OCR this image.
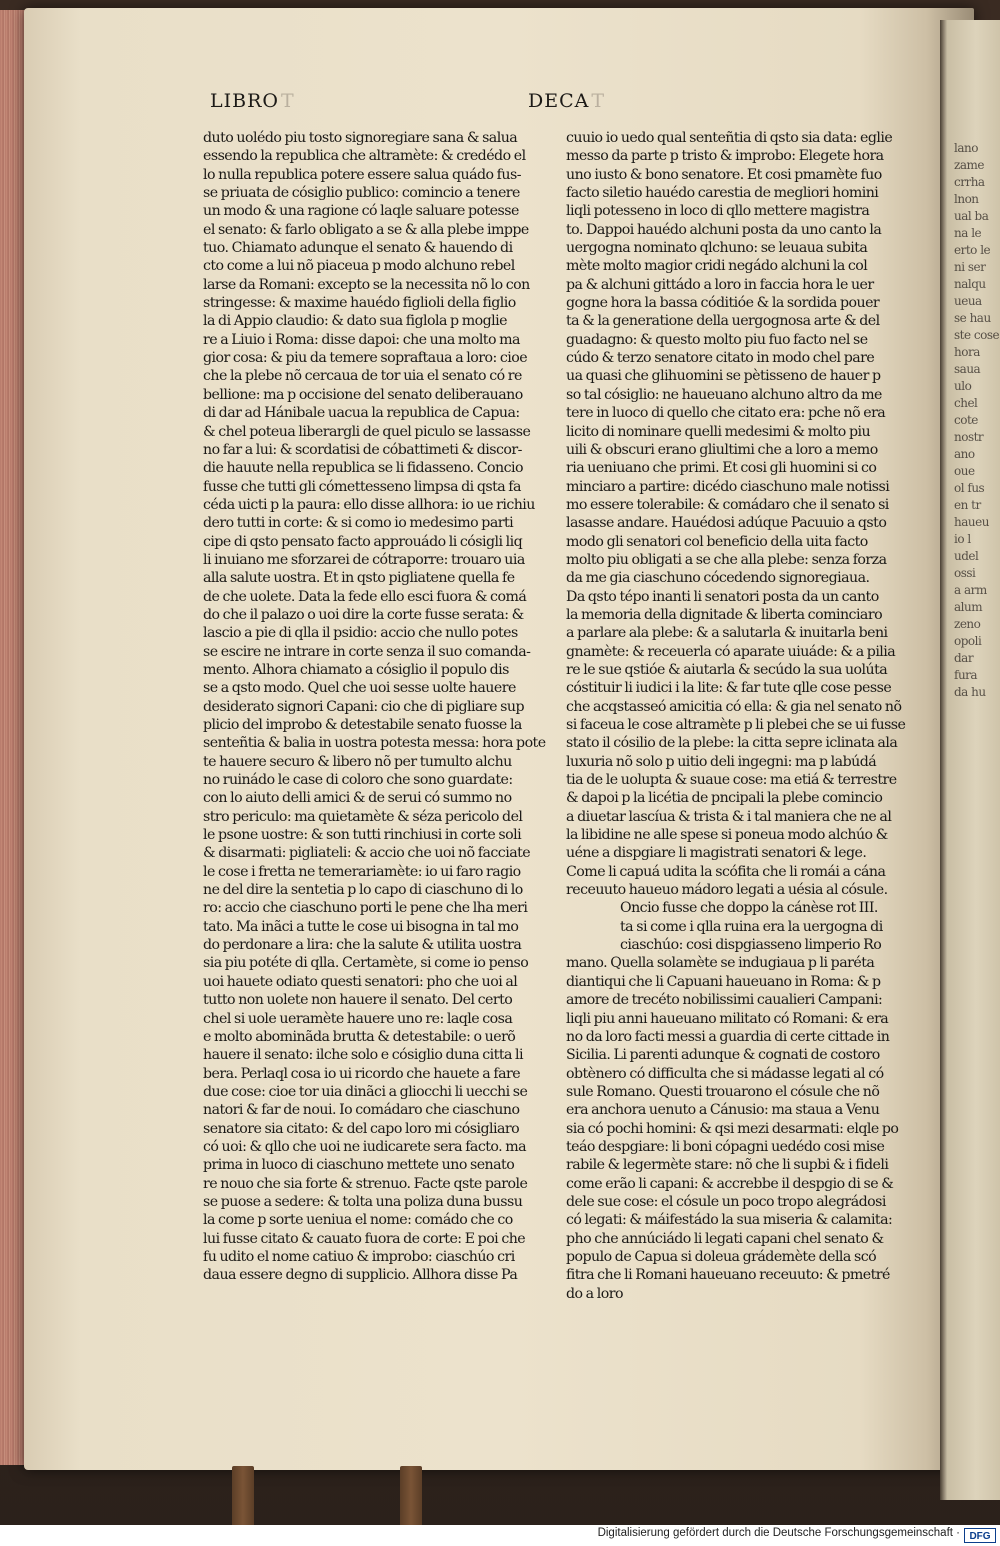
lano
zame
crrha
lnon
ual ba
na le
erto le
ni ser
nalqu
ueua
se hau
ste cose
hora
saua
ulo
chel
cote
nostr
ano
oue
ol fus
en tr
haueu
io l
udel
ossi
a arm
alum
zeno
opoli
dar
fura
da hu
LIBRO T	DECA T
duto uolédo piu tosto signoregiare sana & salua
essendo la republica che altramète: & credédo el
lo nulla republica potere essere salua quádo fus-
se priuata de cósiglio publico: comincio a tenere
un modo & una ragione có laqle saluare potesse
el senato: & farlo obligato a se & alla plebe imppe
tuo. Chiamato adunque el senato & hauendo di
cto come a lui nõ piaceua p modo alchuno rebel
larse da Romani: excepto se la necessita nõ lo con
stringesse: & maxime hauédo figlioli della figlio
la di Appio claudio: & dato sua figlola p moglie
re a Liuio i Roma: disse dapoi: che una molto ma
gior cosa: & piu da temere sopraftaua a loro: cioe
che la plebe nõ cercaua de tor uia el senato có re
bellione: ma p occisione del senato deliberauano
di dar ad Hánibale uacua la republica de Capua:
& chel poteua liberargli de quel piculo se lassasse
no far a lui: & scordatisi de cóbattimeti & discor-
die hauute nella republica se li fidasseno. Concio
fusse che tutti gli cómettesseno limpsa di qsta fa
céda uicti p la paura: ello disse allhora: io ue richiu
dero tutti in corte: & si como io medesimo parti
cipe di qsto pensato facto approuádo li cósigli liq
li inuiano me sforzarei de cótraporre: trouaro uia
alla salute uostra. Et in qsto pigliatene quella fe
de che uolete. Data la fede ello esci fuora & comá
do che il palazo o uoi dire la corte fusse serata: &
lascio a pie di qlla il psidio: accio che nullo potes
se escire ne intrare in corte senza il suo comanda-
mento. Alhora chiamato a cósiglio il populo dis
se a qsto modo. Quel che uoi sesse uolte hauere
desiderato signori Capani: cio che di pigliare sup
plicio del improbo & detestabile senato fuosse la
senteñtia & balia in uostra potesta messa: hora pote
te hauere securo & libero nõ per tumulto alchu
no ruinádo le case di coloro che sono guardate:
con lo aiuto delli amici & de serui có summo no
stro periculo: ma quietamète & séza pericolo del
le psone uostre: & son tutti rinchiusi in corte soli
& disarmati: pigliateli: & accio che uoi nõ facciate
le cose i fretta ne temerariamète: io ui faro ragio
ne del dire la sentetia p lo capo di ciaschuno di lo
ro: accio che ciaschuno porti le pene che lha meri
tato. Ma inãci a tutte le cose ui bisogna in tal mo
do perdonare a lira: che la salute & utilita uostra
sia piu potéte di qlla. Certamète, si come io penso
uoi hauete odiato questi senatori: pho che uoi al
tutto non uolete non hauere il senato. Del certo
chel si uole ueramète hauere uno re: laqle cosa
e molto abominãda brutta & detestabile: o uerõ
hauere il senato: ilche solo e cósiglio duna citta li
bera. Perlaql cosa io ui ricordo che hauete a fare
due cose: cioe tor uia dinãci a gliocchi li uecchi se
natori & far de noui. Io comádaro che ciaschuno
senatore sia citato: & del capo loro mi cósigliaro
có uoi: & qllo che uoi ne iudicarete sera facto. ma
prima in luoco di ciaschuno mettete uno senato
re nouo che sia forte & strenuo. Facte qste parole
se puose a sedere: & tolta una poliza duna bussu
la come p sorte ueniua el nome: comádo che co
lui fusse citato & cauato fuora de corte: E poi che
fu udito el nome catiuo & improbo: ciaschúo cri
daua essere degno di supplicio. Allhora disse Pa
cuuio io uedo qual senteñtia di qsto sia data: eglie
messo da parte p tristo & improbo: Elegete hora
uno iusto & bono senatore. Et cosi pmamète fuo
facto siletio hauédo carestia de megliori homini
liqli potesseno in loco di qllo mettere magistra
to. Dappoi hauédo alchuni posta da uno canto la
uergogna nominato qlchuno: se leuaua subita
mète molto magior cridi negádo alchuni la col
pa & alchuni gittádo a loro in faccia hora le uer
gogne hora la bassa códitióe & la sordida pouer
ta & la generatione della uergognosa arte & del
guadagno: & questo molto piu fuo facto nel se
cúdo & terzo senatore citato in modo chel pare
ua quasi che glihuomini se pètisseno de hauer p
so tal cósiglio: ne haueuano alchuno altro da me
tere in luoco di quello che citato era: pche nõ era
licito di nominare quelli medesimi & molto piu
uili & obscuri erano gliultimi che a loro a memo
ria ueniuano che primi. Et cosi gli huomini si co
minciaro a partire: dicédo ciaschuno male notissi
mo essere tolerabile: & comádaro che il senato si
lasasse andare. Hauédosi adúque Pacuuio a qsto
modo gli senatori col beneficio della uita facto
molto piu obligati a se che alla plebe: senza forza
da me gia ciaschuno cócedendo signoregiaua.
Da qsto tépo inanti li senatori posta da un canto
la memoria della dignitade & liberta cominciaro
a parlare ala plebe: & a salutarla & inuitarla beni
gnamète: & receuerla có aparate uiuáde: & a pilia
re le sue qstióe & aiutarla & secúdo la sua uolúta
cóstituir li iudici i la lite: & far tute qlle cose pesse
che acqstasseó amicitia có ella: & gia nel senato nõ
si faceua le cose altramète p li plebei che se ui fusse
stato il cósilio de la plebe: la citta sepre iclinata ala
luxuria nõ solo p uitio deli ingegni: ma p labúdá
tia de le uolupta & suaue cose: ma etiá & terrestre
& dapoi p la licétia de pncipali la plebe comincio
a diuetar lascíua & trista & i tal maniera che ne al
la libidine ne alle spese si poneua modo alchúo &
uéne a dispgiare li magistrati senatori & lege.
Come li capuá udita la scófita che li romái a cána
receuuto haueuo mádoro legati a uésia al cósule.
Oncio fusse che doppo la cánèse rot III.
ta si come i qlla ruina era la uergogna di
ciaschúo: cosi dispgiasseno limperio Ro
mano. Quella solamète se indugiaua p li paréta
diantiqui che li Capuani haueuano in Roma: & p
amore de trecéto nobilissimi caualieri Campani:
liqli piu anni haueuano militato có Romani: & era
no da loro facti messi a guardia di certe cittade in
Sicilia. Li parenti adunque & cognati de costoro
obtènero có difficulta che si mádasse legati al có
sule Romano. Questi trouarono el cósule che nõ
era anchora uenuto a Cánusio: ma staua a Venu
sia có pochi homini: & qsi mezi desarmati: elqle po
teáo despgiare: li boni cópagni uedédo cosi mise
rabile & legermète stare: nõ che li supbi & i fideli
come erão li capani: & accrebbe il despgio di se &
dele sue cose: el cósule un poco tropo alegrádosi
có legati: & máifestádo la sua miseria & calamita:
pho che annúciádo li legati capani chel senato &
populo de Capua si doleua grádemète della scó
fitra che li Romani haueuano receuuto: & pmetré
do a loro
Digitalisierung gefördert durch die Deutsche Forschungsgemeinschaft · DFG
